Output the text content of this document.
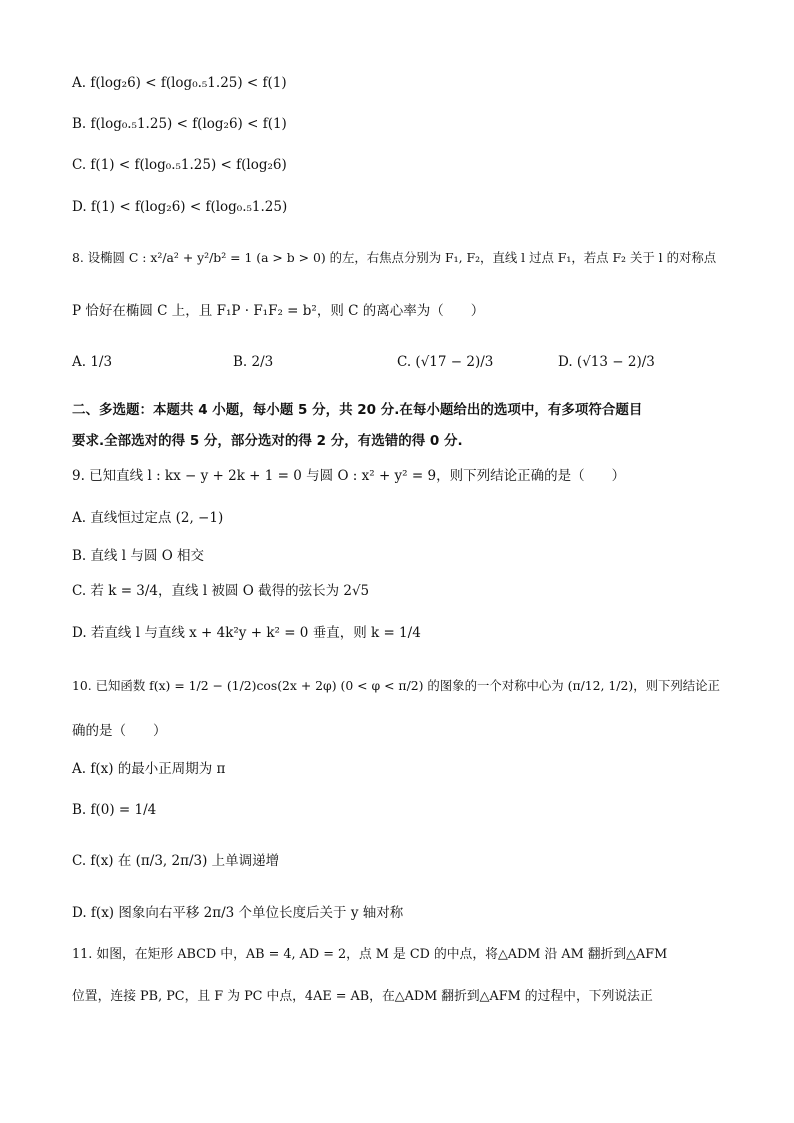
A. f(log₂6) < f(log₀.₅1.25) < f(1)
B. f(log₀.₅1.25) < f(log₂6) < f(1)
C. f(1) < f(log₀.₅1.25) < f(log₂6)
D. f(1) < f(log₂6) < f(log₀.₅1.25)
8. 设椭圆 C : x²/a² + y²/b² = 1 (a > b > 0) 的左，右焦点分别为 F₁, F₂，直线 l 过点 F₁，若点 F₂ 关于 l 的对称点
P 恰好在椭圆 C 上，且 F₁P · F₁F₂ = b²，则 C 的离心率为（　　）
A. 1/3	B. 2/3	C. (√17 − 2)/3	D. (√13 − 2)/3
二、多选题：本题共 4 小题，每小题 5 分，共 20 分.在每小题给出的选项中，有多项符合题目
要求.全部选对的得 5 分，部分选对的得 2 分，有选错的得 0 分.
9. 已知直线 l : kx − y + 2k + 1 = 0 与圆 O : x² + y² = 9，则下列结论正确的是（　　）
A. 直线恒过定点 (2, −1)
B. 直线 l 与圆 O 相交
C. 若 k = 3/4，直线 l 被圆 O 截得的弦长为 2√5
D. 若直线 l 与直线 x + 4k²y + k² = 0 垂直，则 k = 1/4
10. 已知函数 f(x) = 1/2 − (1/2)cos(2x + 2φ) (0 < φ < π/2) 的图象的一个对称中心为 (π/12, 1/2)，则下列结论正
确的是（　　）
A. f(x) 的最小正周期为 π
B. f(0) = 1/4
C. f(x) 在 (π/3, 2π/3) 上单调递增
D. f(x) 图象向右平移 2π/3 个单位长度后关于 y 轴对称
11. 如图，在矩形 ABCD 中，AB = 4, AD = 2，点 M 是 CD 的中点，将△ADM 沿 AM 翻折到△AFM
位置，连接 PB, PC，且 F 为 PC 中点，4AE = AB，在△ADM 翻折到△AFM 的过程中，下列说法正
